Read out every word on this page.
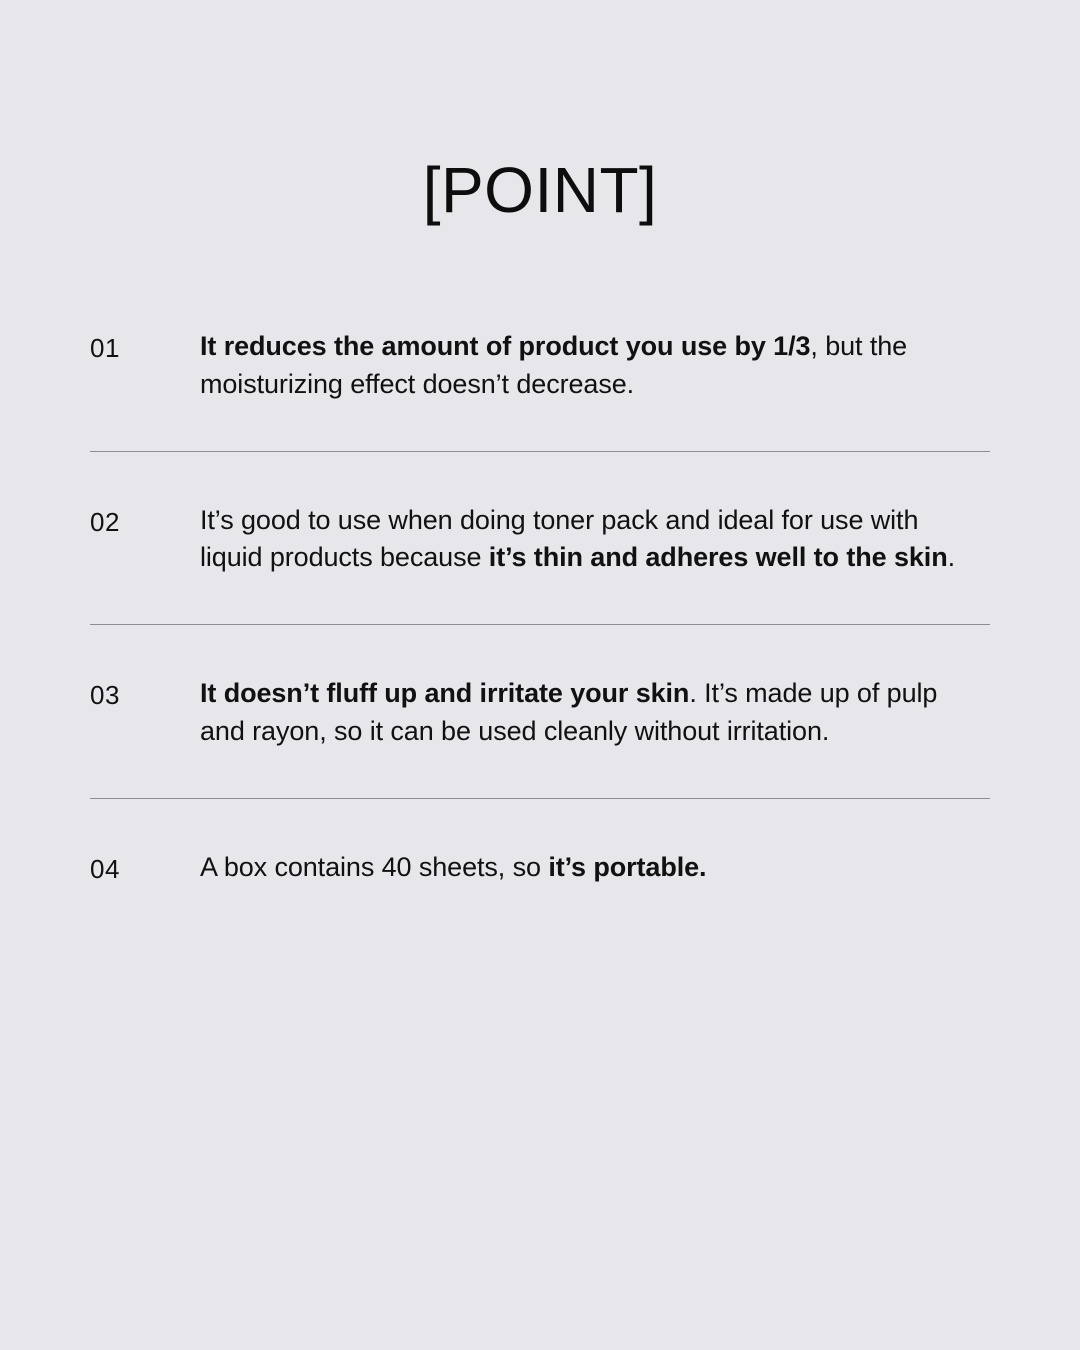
[POINT]
01	It reduces the amount of product you use by 1/3, but the moisturizing effect doesn’t decrease.
02	It’s good to use when doing toner pack and ideal for use with liquid products because it’s thin and adheres well to the skin.
03	It doesn’t fluff up and irritate your skin. It’s made up of pulp and rayon, so it can be used cleanly without irritation.
04	A box contains 40 sheets, so it’s portable.
